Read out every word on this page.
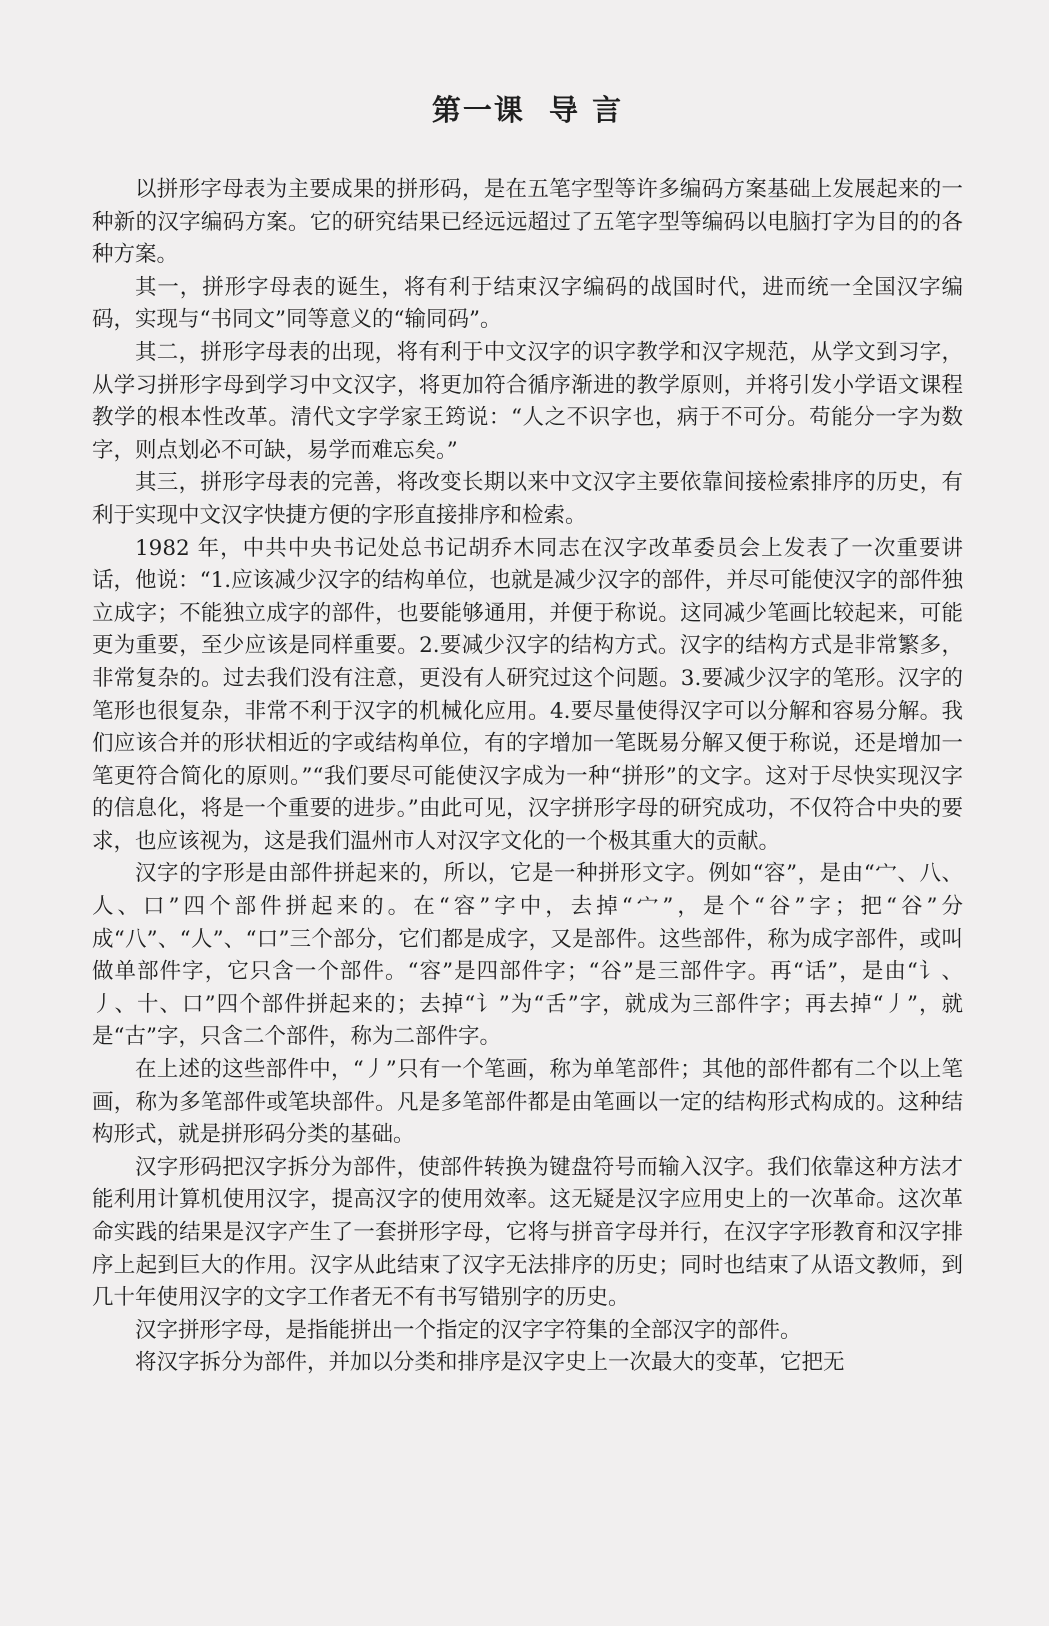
第一课  导 言

以拼形字母表为主要成果的拼形码，是在五笔字型等许多编码方案基础上发展起来的一种新的汉字编码方案。它的研究结果已经远远超过了五笔字型等编码以电脑打字为目的的各种方案。

其一，拼形字母表的诞生，将有利于结束汉字编码的战国时代，进而统一全国汉字编码，实现与“书同文”同等意义的“输同码”。

其二，拼形字母表的出现，将有利于中文汉字的识字教学和汉字规范，从学文到习字，从学习拼形字母到学习中文汉字，将更加符合循序渐进的教学原则，并将引发小学语文课程教学的根本性改革。清代文字学家王筠说：“人之不识字也，病于不可分。苟能分一字为数字，则点划必不可缺，易学而难忘矣。”

其三，拼形字母表的完善，将改变长期以来中文汉字主要依靠间接检索排序的历史，有利于实现中文汉字快捷方便的字形直接排序和检索。

1982 年，中共中央书记处总书记胡乔木同志在汉字改革委员会上发表了一次重要讲话，他说：“1.应该减少汉字的结构单位，也就是减少汉字的部件，并尽可能使汉字的部件独立成字；不能独立成字的部件，也要能够通用，并便于称说。这同减少笔画比较起来，可能更为重要，至少应该是同样重要。2.要减少汉字的结构方式。汉字的结构方式是非常繁多，非常复杂的。过去我们没有注意，更没有人研究过这个问题。3.要减少汉字的笔形。汉字的笔形也很复杂，非常不利于汉字的机械化应用。4.要尽量使得汉字可以分解和容易分解。我们应该合并的形状相近的字或结构单位，有的字增加一笔既易分解又便于称说，还是增加一笔更符合简化的原则。”“我们要尽可能使汉字成为一种“拼形”的文字。这对于尽快实现汉字的信息化，将是一个重要的进步。”由此可见，汉字拼形字母的研究成功，不仅符合中央的要求，也应该视为，这是我们温州市人对汉字文化的一个极其重大的贡献。

汉字的字形是由部件拼起来的，所以，它是一种拼形文字。例如“容”，是由“宀、八、人、口”四个部件拼起来的。在“容”字中，去掉“宀”，是个“谷”字；把“谷”分成“八”、“人”、“口”三个部分，它们都是成字，又是部件。这些部件，称为成字部件，或叫做单部件字，它只含一个部件。“容”是四部件字；“谷”是三部件字。再“话”，是由“讠、丿、十、口”四个部件拼起来的；去掉“讠”为“舌”字，就成为三部件字；再去掉“丿”，就是“古”字，只含二个部件，称为二部件字。

在上述的这些部件中，“丿”只有一个笔画，称为单笔部件；其他的部件都有二个以上笔画，称为多笔部件或笔块部件。凡是多笔部件都是由笔画以一定的结构形式构成的。这种结构形式，就是拼形码分类的基础。

汉字形码把汉字拆分为部件，使部件转换为键盘符号而输入汉字。我们依靠这种方法才能利用计算机使用汉字，提高汉字的使用效率。这无疑是汉字应用史上的一次革命。这次革命实践的结果是汉字产生了一套拼形字母，它将与拼音字母并行，在汉字字形教育和汉字排序上起到巨大的作用。汉字从此结束了汉字无法排序的历史；同时也结束了从语文教师，到几十年使用汉字的文字工作者无不有书写错别字的历史。

汉字拼形字母，是指能拼出一个指定的汉字字符集的全部汉字的部件。

将汉字拆分为部件，并加以分类和排序是汉字史上一次最大的变革，它把无
